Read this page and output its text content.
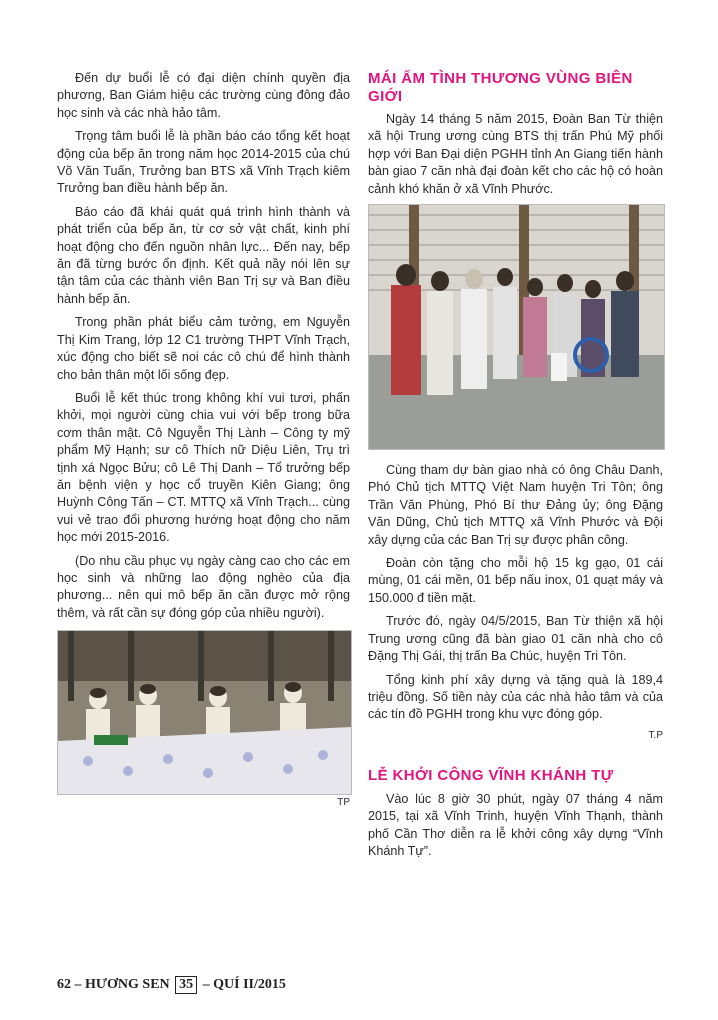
Đến dự buổi lễ có đại diện chính quyền địa phương, Ban Giám hiệu các trường cùng đông đảo học sinh và các nhà hảo tâm.

Trọng tâm buổi lễ là phần báo cáo tổng kết hoạt động của bếp ăn trong năm học 2014-2015 của chú Võ Văn Tuấn, Trưởng ban BTS xã Vĩnh Trạch kiêm Trưởng ban điều hành bếp ăn.

Báo cáo đã khái quát quá trình hình thành và phát triển của bếp ăn, từ cơ sở vật chất, kinh phí hoạt động cho đến nguồn nhân lực... Đến nay, bếp ăn đã từng bước ổn định. Kết quả nầy nói lên sự tận tâm của các thành viên Ban Trị sự và Ban điều hành bếp ăn.

Trong phần phát biểu cảm tưởng, em Nguyễn Thị Kim Trang, lớp 12 C1 trường THPT Vĩnh Trạch, xúc động cho biết sẽ noi các cô chú để hình thành cho bản thân một lối sống đẹp.

Buổi lễ kết thúc trong không khí vui tươi, phấn khởi, mọi người cùng chia vui với bếp trong bữa cơm thân mật. Cô Nguyễn Thị Lành – Công ty mỹ phẩm Mỹ Hạnh; sư cô Thích nữ Diệu Liên, Trụ trì tịnh xá Ngọc Bửu; cô Lê Thị Danh – Tổ trưởng bếp ăn bệnh viện y học cổ truyền Kiên Giang; ông Huỳnh Công Tấn – CT. MTTQ xã Vĩnh Trạch... cùng vui vẻ trao đổi phương hướng hoạt động cho năm học mới 2015-2016.

(Do nhu cầu phục vụ ngày càng cao cho các em học sinh và những lao động nghèo của địa phương... nên qui mô bếp ăn cần được mở rộng thêm, và rất cần sự đóng góp của nhiều người).

TP
MÁI ẤM TÌNH THƯƠNG VÙNG BIÊN GIỚI

Ngày 14 tháng 5 năm 2015, Đoàn Ban Từ thiện xã hội Trung ương cùng BTS thị trấn Phú Mỹ phối hợp với Ban Đại diện PGHH tỉnh An Giang tiến hành bàn giao 7 căn nhà đại đoàn kết cho các hộ có hoàn cảnh khó khăn ở xã Vĩnh Phước.

Cùng tham dự bàn giao nhà có ông Châu Danh, Phó Chủ tịch MTTQ Việt Nam huyện Tri Tôn; ông Trần Văn Phùng, Phó Bí thư Đảng ủy; ông Đặng Văn Dũng, Chủ tịch MTTQ xã Vĩnh Phước và Đội xây dựng của các Ban Trị sự được phân công.

Đoàn còn tặng cho mỗi hộ 15 kg gạo, 01 cái mùng, 01 cái mền, 01 bếp nấu inox, 01 quạt máy và 150.000 đ tiền mặt.

Trước đó, ngày 04/5/2015, Ban Từ thiện xã hội Trung ương cũng đã bàn giao 01 căn nhà cho cô Đặng Thị Gái, thị trấn Ba Chúc, huyện Tri Tôn.

Tổng kinh phí xây dựng và tặng quà là 189,4 triệu đồng. Số tiền này của các nhà hảo tâm và của các tín đồ PGHH trong khu vực đóng góp.

T.P
LỄ KHỞI CÔNG VĨNH KHÁNH TỰ

Vào lúc 8 giờ 30 phút, ngày 07 tháng 4 năm 2015, tại xã Vĩnh Trinh, huyện Vĩnh Thạnh, thành phố Cần Thơ diễn ra lễ khởi công xây dựng “Vĩnh Khánh Tự”.

62 – HƯƠNG SEN 35 – QUÍ II/2015
